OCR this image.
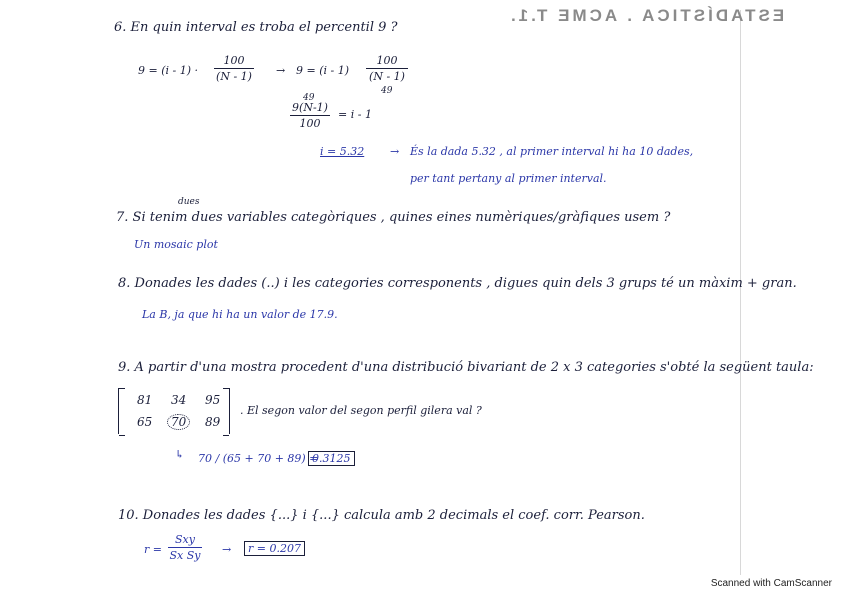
ESTADÍSTICA . ACME T.1.
6. En quin interval es troba el percentil 9 ?
9 = (i - 1) ·
100
(N - 1) → 9 = (i - 1)
100
(N - 1)
49
49
9(N-1)
100
= i - 1
i = 5.32 → És la dada 5.32 , al primer interval hi ha 10 dades,
per tant pertany al primer interval.
dues
7. Si tenim dues variables categòriques , quines eines numèriques/gràfiques usem ?
Un mosaic plot
8. Donades les dades (..) i les categories corresponents , digues quin dels 3 grups té un màxim + gran.
La B, ja que hi ha un valor de 17.9.
9. A partir d'una mostra procedent d'una distribució bivariant de 2 x 3 categories s'obté la següent taula:
81 34 95
65	70	89
. El segon valor del segon perfil gilera val ?
↳ 70 / (65 + 70 + 89) =
0.3125
10. Donades les dades {...} i {...} calcula amb 2 decimals el coef. corr. Pearson.
r =
Sxy
Sx Sy →	r = 0.207
Scanned with CamScanner
